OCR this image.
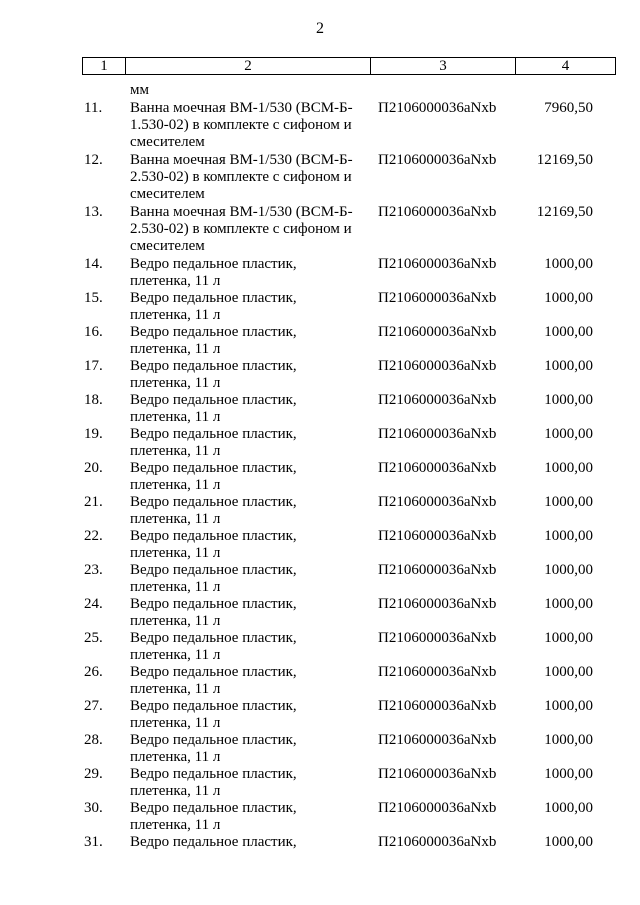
2
1	2	3	4
мм
11.	Ванна моечная ВМ-1/530 (ВСМ-Б-
1.530-02) в комплекте с сифоном и
смесителем
П2106000036aNxb	7960,50
12.	Ванна моечная ВМ-1/530 (ВСМ-Б-
2.530-02) в комплекте с сифоном и
смесителем
П2106000036aNxb	12169,50
13.	Ванна моечная ВМ-1/530 (ВСМ-Б-
2.530-02) в комплекте с сифоном и
смесителем
П2106000036aNxb	12169,50
14.	Ведро педальное пластик,
плетенка, 11 л
П2106000036aNxb	1000,00
15.	Ведро педальное пластик,
плетенка, 11 л
П2106000036aNxb	1000,00
16.	Ведро педальное пластик,
плетенка, 11 л
П2106000036aNxb	1000,00
17.	Ведро педальное пластик,
плетенка, 11 л
П2106000036aNxb	1000,00
18.	Ведро педальное пластик,
плетенка, 11 л
П2106000036aNxb	1000,00
19.	Ведро педальное пластик,
плетенка, 11 л
П2106000036aNxb	1000,00
20.	Ведро педальное пластик,
плетенка, 11 л
П2106000036aNxb	1000,00
21.	Ведро педальное пластик,
плетенка, 11 л
П2106000036aNxb	1000,00
22.	Ведро педальное пластик,
плетенка, 11 л
П2106000036aNxb	1000,00
23.	Ведро педальное пластик,
плетенка, 11 л
П2106000036aNxb	1000,00
24.	Ведро педальное пластик,
плетенка, 11 л
П2106000036aNxb	1000,00
25.	Ведро педальное пластик,
плетенка, 11 л
П2106000036aNxb	1000,00
26.	Ведро педальное пластик,
плетенка, 11 л
П2106000036aNxb	1000,00
27.	Ведро педальное пластик,
плетенка, 11 л
П2106000036aNxb	1000,00
28.	Ведро педальное пластик,
плетенка, 11 л
П2106000036aNxb	1000,00
29.	Ведро педальное пластик,
плетенка, 11 л
П2106000036aNxb	1000,00
30.	Ведро педальное пластик,
плетенка, 11 л
П2106000036aNxb	1000,00
31.	Ведро педальное пластик,	П2106000036aNxb	1000,00
